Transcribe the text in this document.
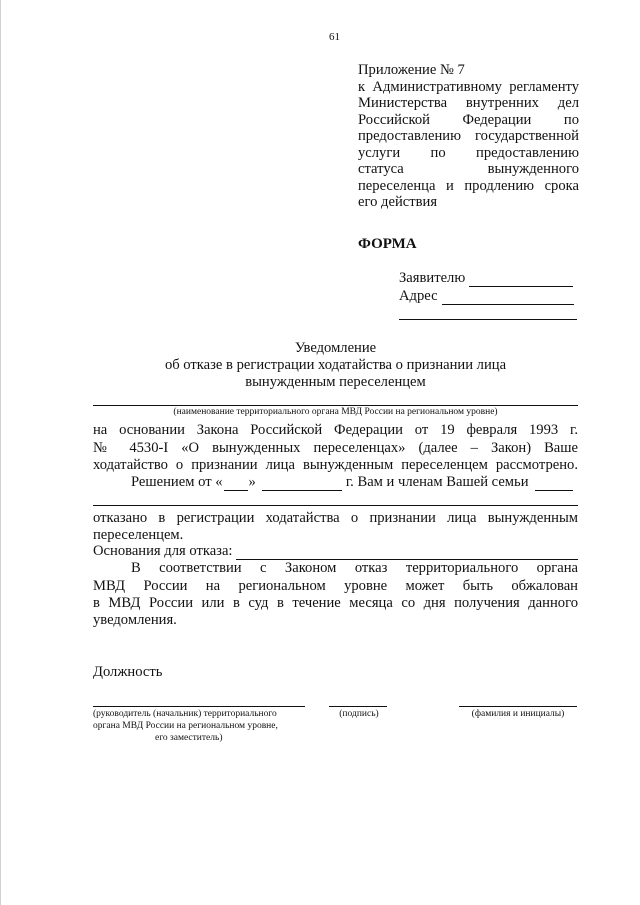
61
Приложение № 7
к Административному регламенту
Министерства внутренних дел
Российской Федерации по
предоставлению государственной
услуги по предоставлению
статуса вынужденного
переселенца и продлению срока
его действия
ФОРМА
Заявителю
Адрес
Уведомление
об отказе в регистрации ходатайства о признании лица
вынужденным переселенцем
(наименование территориального органа МВД России на региональном уровне)
на основании Закона Российской Федерации от 19 февраля 1993 г.
№ 4530-I «О вынужденных переселенцах» (далее – Закон) Ваше
ходатайство о признании лица вынужденным переселенцем рассмотрено.
Решением от « »	г. Вам и членам Вашей семьи
отказано в регистрации ходатайства о признании лица вынужденным
переселенцем.
Основания для отказа:
В соответствии с Законом отказ территориального органа
МВД России на региональном уровне может быть обжалован
в МВД России или в суд в течение месяца со дня получения данного
уведомления.
Должность
(руководитель (начальник) территориального
органа МВД России на региональном уровне,
его заместитель)
(подпись)	(фамилия и инициалы)
